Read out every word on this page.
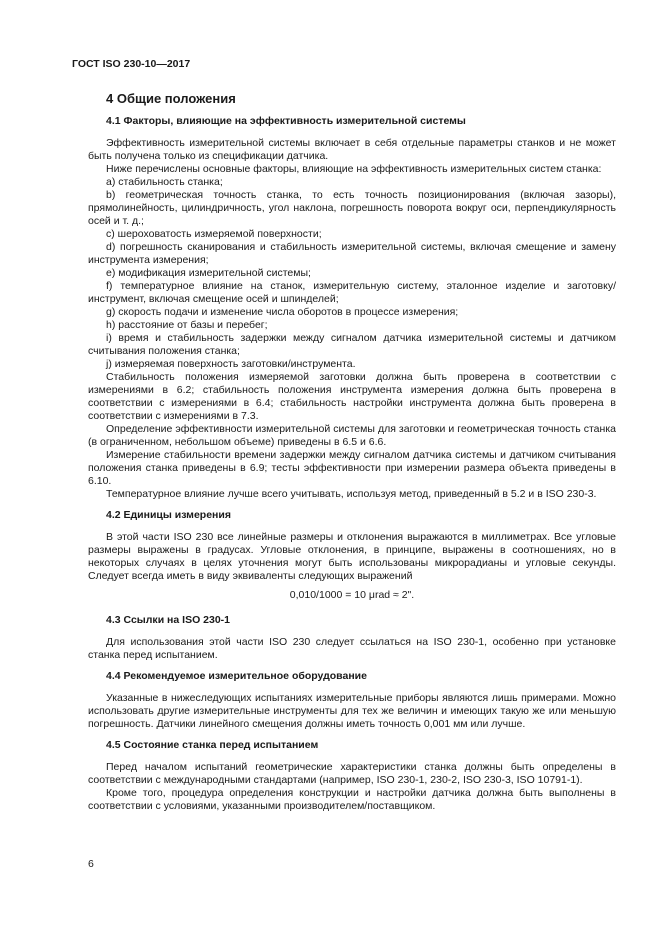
ГОСТ ISO 230-10—2017
4 Общие положения
4.1 Факторы, влияющие на эффективность измерительной системы

Эффективность измерительной системы включает в себя отдельные параметры станков и не может быть получена только из спецификации датчика.

Ниже перечислены основные факторы, влияющие на эффективность измерительных систем станка:

а) стабильность станка;

b) геометрическая точность станка, то есть точность позиционирования (включая зазоры), прямолинейность, цилиндричность, угол наклона, погрешность поворота вокруг оси, перпендикулярность осей и т. д.;

c) шероховатость измеряемой поверхности;

d) погрешность сканирования и стабильность измерительной системы, включая смещение и замену инструмента измерения;

e) модификация измерительной системы;

f) температурное влияние на станок, измерительную систему, эталонное изделие и заготовку/инструмент, включая смещение осей и шпинделей;

g) скорость подачи и изменение числа оборотов в процессе измерения;

h) расстояние от базы и перебег;

i) время и стабильность задержки между сигналом датчика измерительной системы и датчиком считывания положения станка;

j) измеряемая поверхность заготовки/инструмента.

Стабильность положения измеряемой заготовки должна быть проверена в соответствии с измерениями в 6.2; стабильность положения инструмента измерения должна быть проверена в соответствии с измерениями в 6.4; стабильность настройки инструмента должна быть проверена в соответствии с измерениями в 7.3.

Определение эффективности измерительной системы для заготовки и геометрическая точность станка (в ограниченном, небольшом объеме) приведены в 6.5 и 6.6.

Измерение стабильности времени задержки между сигналом датчика системы и датчиком считывания положения станка приведены в 6.9; тесты эффективности при измерении размера объекта приведены в 6.10.

Температурное влияние лучше всего учитывать, используя метод, приведенный в 5.2 и в ISO 230-3.

4.2 Единицы измерения

В этой части ISO 230 все линейные размеры и отклонения выражаются в миллиметрах. Все угловые размеры выражены в градусах. Угловые отклонения, в принципе, выражены в соотношениях, но в некоторых случаях в целях уточнения могут быть использованы микрорадианы и угловые секунды. Следует всегда иметь в виду эквиваленты следующих выражений

0,010/1000 = 10 μrad ≈ 2".
4.3 Ссылки на ISO 230-1

Для использования этой части ISO 230 следует ссылаться на ISO 230-1, особенно при установке станка перед испытанием.

4.4 Рекомендуемое измерительное оборудование

Указанные в нижеследующих испытаниях измерительные приборы являются лишь примерами. Можно использовать другие измерительные инструменты для тех же величин и имеющих такую же или меньшую погрешность. Датчики линейного смещения должны иметь точность 0,001 мм или лучше.

4.5 Состояние станка перед испытанием

Перед началом испытаний геометрические характеристики станка должны быть определены в соответствии с международными стандартами (например, ISO 230-1, 230-2, ISO 230-3, ISO 10791-1).

Кроме того, процедура определения конструкции и настройки датчика должна быть выполнены в соответствии с условиями, указанными производителем/поставщиком.

6
